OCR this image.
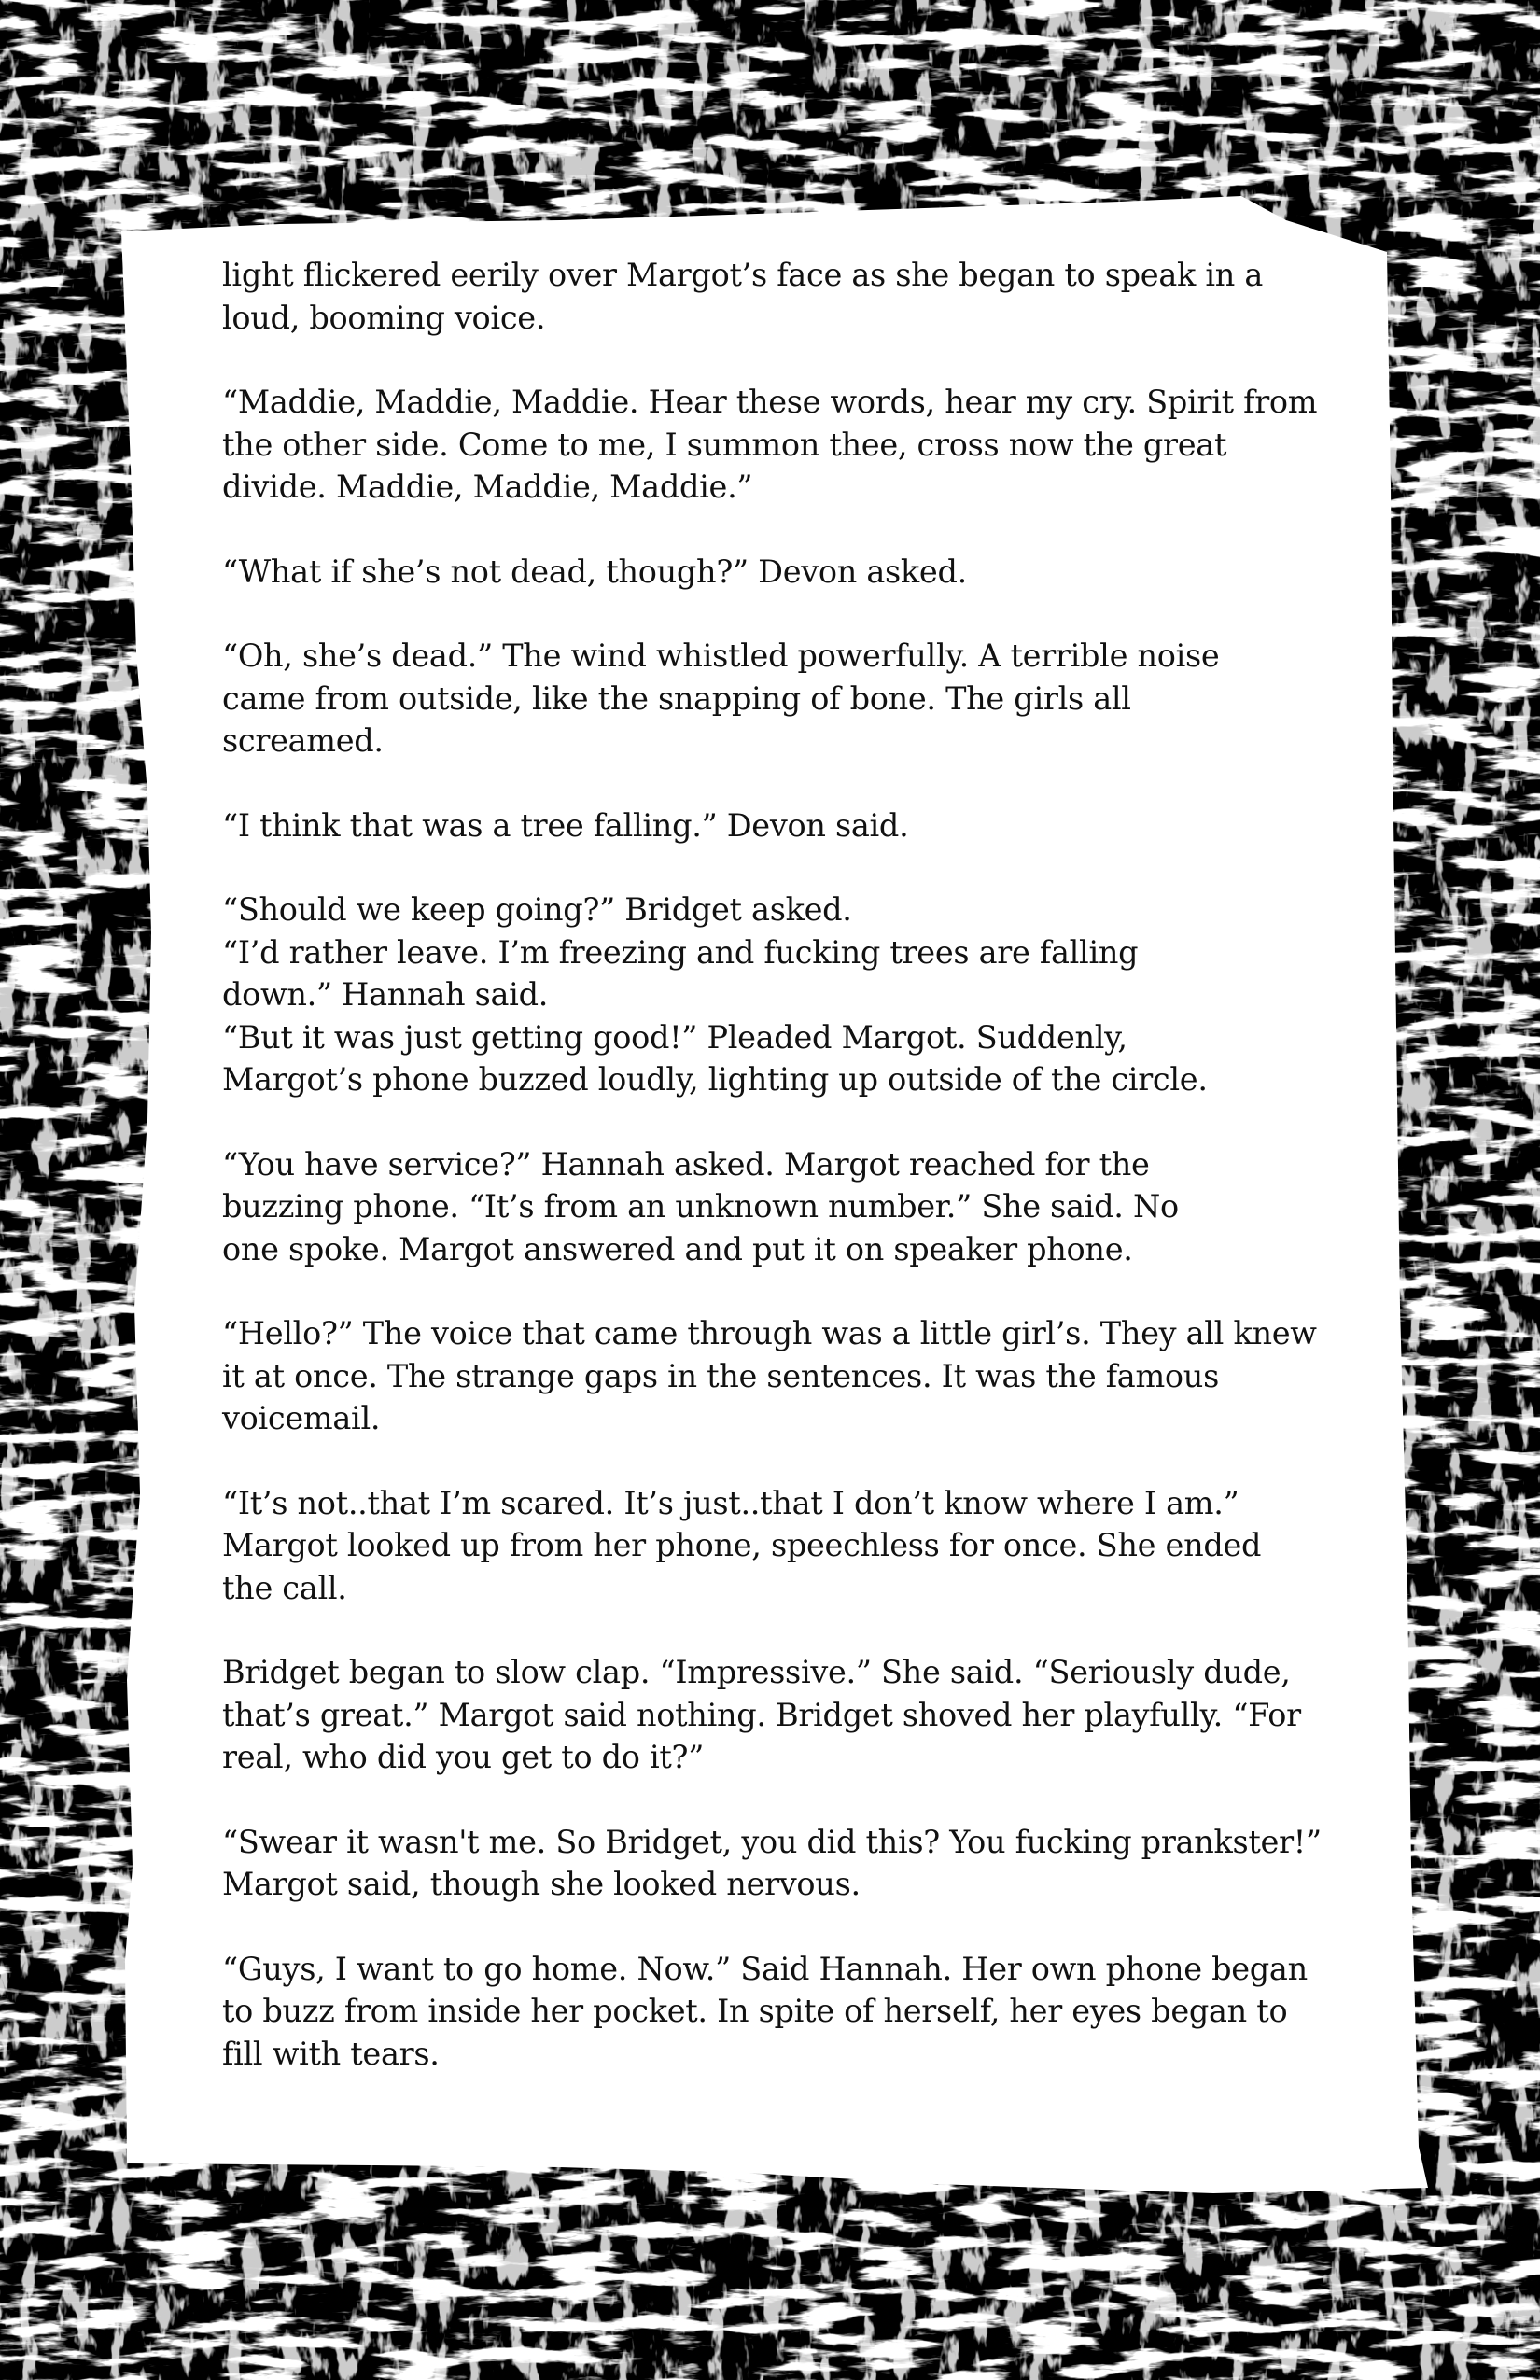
light flickered eerily over Margot’s face as she began to speak in a
loud, booming voice.

“Maddie, Maddie, Maddie. Hear these words, hear my cry. Spirit from
the other side. Come to me, I summon thee, cross now the great
divide. Maddie, Maddie, Maddie.”

“What if she’s not dead, though?” Devon asked.

“Oh, she’s dead.” The wind whistled powerfully. A terrible noise
came from outside, like the snapping of bone. The girls all
screamed.

“I think that was a tree falling.” Devon said.

“Should we keep going?” Bridget asked.

“I’d rather leave. I’m freezing and fucking trees are falling
down.” Hannah said.

“But it was just getting good!” Pleaded Margot. Suddenly,
Margot’s phone buzzed loudly, lighting up outside of the circle.

“You have service?” Hannah asked. Margot reached for the
buzzing phone. “It’s from an unknown number.” She said. No
one spoke. Margot answered and put it on speaker phone.

“Hello?” The voice that came through was a little girl’s. They all knew
it at once. The strange gaps in the sentences. It was the famous
voicemail.

“It’s not..that I’m scared. It’s just..that I don’t know where I am.”
Margot looked up from her phone, speechless for once. She ended
the call.

Bridget began to slow clap. “Impressive.” She said. “Seriously dude,
that’s great.” Margot said nothing. Bridget shoved her playfully. “For
real, who did you get to do it?”

“Swear it wasn't me. So Bridget, you did this? You fucking prankster!”
Margot said, though she looked nervous.

“Guys, I want to go home. Now.” Said Hannah. Her own phone began
to buzz from inside her pocket. In spite of herself, her eyes began to
fill with tears.
